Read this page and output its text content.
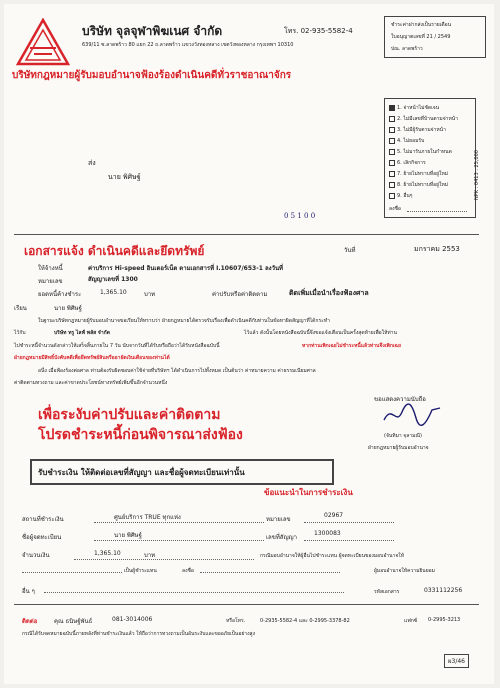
บริษัท จุลจุฬาพิฆเนศ จำกัด	โทร. 02-935-5582-4
639/11 ซ.ลาดพร้าว 80 แยก 22 ถ.ลาดพร้าว แขวงวังทองหลาง เขตวังทองหลาง กรุงเทพฯ 10310
บริษัทกฎหมายผู้รับมอบอำนาจฟ้องร้องดำเนินคดีทั่วราชอาณาจักร
ชำระค่าฝากส่งเป็นรายเดือน
ใบอนุญาตเลขที่ 21 / 2549
ปณ. ลาดพร้าว
1. จ่าหน้าไม่ชัดเจน
2. ไม่มีเลขที่บ้านตามจ่าหน้า
3. ไม่มีผู้รับตามจ่าหน้า
4. ไม่ยอมรับ
5. ไม่มารับภายในกำหนด
6. เลิกกิจการ
7. ย้ายไม่ทราบที่อยู่ใหม่
8. ย้ายไม่ทราบที่อยู่ใหม่
9. อื่นๆ
ลงชื่อ
NPK : 0413 : 25,000
ส่ง
นาย พิศิษฐ์
0 5 1 0 0
เอกสารแจ้ง ดำเนินคดีและยึดทรัพย์	วันที่	มกราคม 2553
ให้จ้างหนี้	ค่าบริการ Hi-speed อินเตอร์เน็ต ตามเอกสารที่ I.10607/653-1 ลงวันที่
หมายเลข	สัญญาเลขที่ 1300
ยอดหนี้ค้างชำระ	1,365.10	บาท	ค่าปรับหรือค่าติดตาม	ติดเพิ่มเมื่อนำเรื่องฟ้องศาล
เรียน	นาย พิศิษฐ์
ในฐานะบริษัทกฎหมายผู้รับมอบอำนาจขอเรียนให้ทราบว่า ฝ่ายกฎหมายได้ตรวจรับเรื่องเพื่อดำเนินคดีกับท่านในข้อหาผิดสัญญาที่ได้กระทำ
ไว้กับ	บริษัท ทรู ไลฟ์ พลัส จำกัด	ไว้แล้ว ดังนั้นโดยหนังสือฉบับนี้จึงขอแจ้งเตือนเป็นครั้งสุดท้ายเพื่อให้ท่าน
ไปชำระหนี้จำนวนดังกล่าวให้เสร็จสิ้นภายใน 7 วัน นับจากวันที่ได้รับหรือถือว่าได้รับหนังสือฉบับนี้	หากท่านเพิกเฉยไม่ชำระหนี้แล้วท่านจึงเพิกเฉย
ฝ่ายกฎหมายมีสิทธิ์บังคับคดีเพื่อยึดทรัพย์สินหรืออายัดเงินเดือนของท่านได้
อนึ่ง เมื่อฟ้องร้องต่อศาล ท่านต้องรับผิดชอบค่าใช้จ่ายที่บริษัทฯ ได้ดำเนินการไปทั้งหมด เป็นต้นว่า ค่าทนายความ ค่าธรรมเนียมศาล
ค่าติดตามทวงถาม และค่าขาดประโยชน์ทางทรัพย์เพิ่มขึ้นอีกจำนวนหนึ่ง
ขอแสดงความนับถือ
เพื่อระงับค่าปรับและค่าติดตาม
โปรดชำระหนี้ก่อนพิจารณาส่งฟ้อง	(จันทิมา จุลามณี)
ฝ่ายกฎหมายผู้รับมอบอำนาจ
รับชำระเงิน ให้ติดต่อเลขที่สัญญา และชื่อผู้จดทะเบียนเท่านั้น
ข้อแนะนำในการชำระเงิน
สถานที่ชำระเงิน	ศูนย์บริการ TRUE ทุกแห่ง	หมายเลข
02967
ชื่อผู้จดทะเบียน	นาย พิศิษฐ์	เลขที่สัญญา
1300083
จำนวนเงิน	1,365.10	บาท	กรณีมอบอำนาจให้ผู้อื่นไปชำระแทน ผู้จดทะเบียนของมอบอำนาจให้
เป็นผู้ชำระแทน	ลงชื่อ	ผู้มอบอำนาจให้ความยินยอม
อื่น ๆ	รหัสเอกสาร	0331112256
ติดต่อ	คุณ ธนิษฐ์พันธ์	081-3014006	หรือโทร.	0-2935-5582-4 และ 0-2995-3378-82	แฟกซ์ 0-2995-3213
กรณีได้รับจดหมายฉบับนี้ภายหลังที่ท่านชำระเงินแล้ว ให้ถือว่าการทวงถามเป็นอันระงับและขออภัยเป็นอย่างสูง
ผ3/46
